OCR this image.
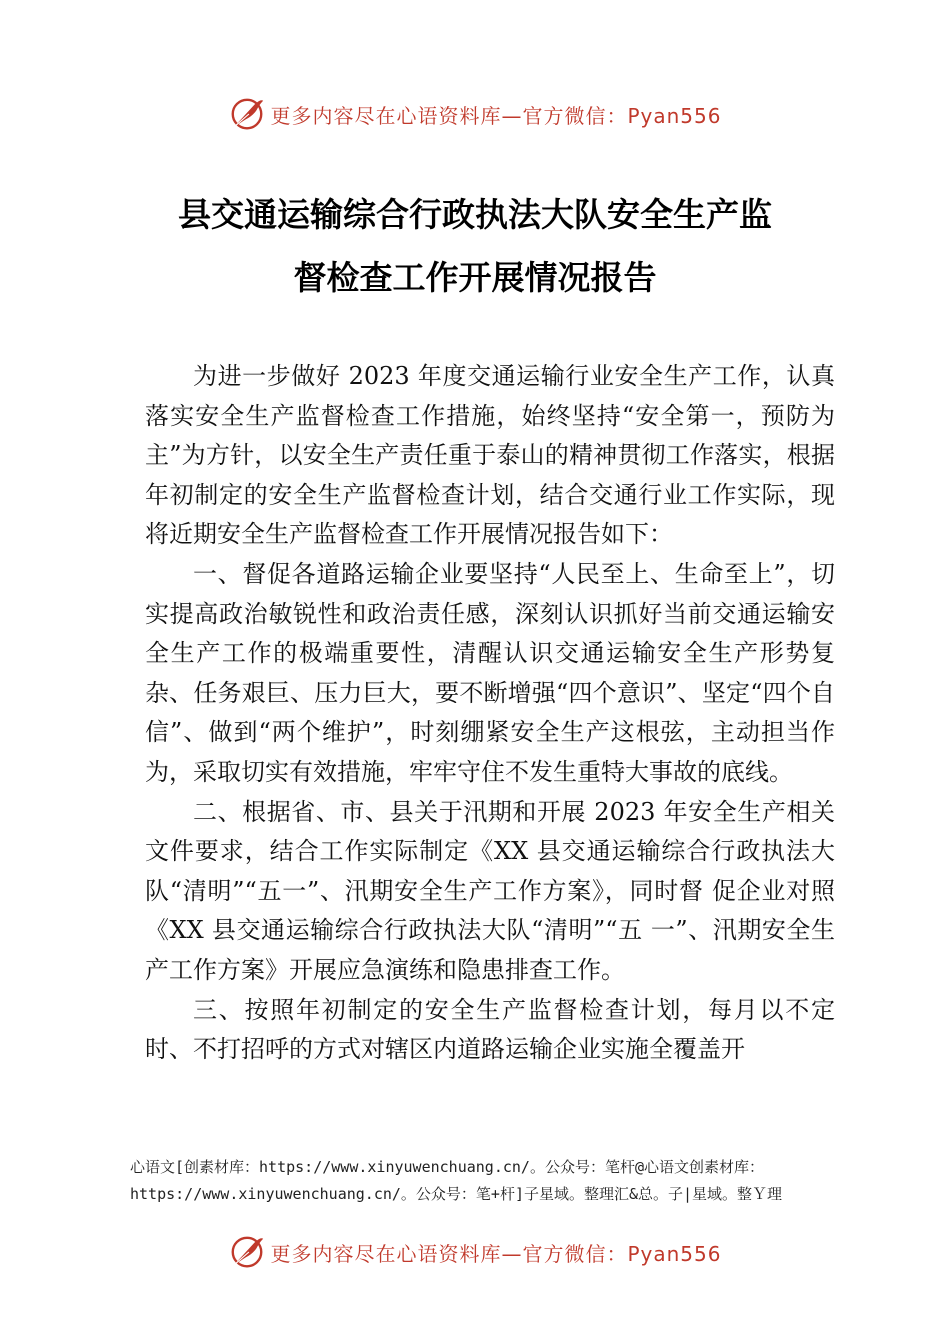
更多内容尽在心语资料库—官方微信：Pyan556
县交通运输综合行政执法大队安全生产监
督检查工作开展情况报告

为进一步做好 2023 年度交通运输行业安全生产工作，认真落实安全生产监督检查工作措施，始终坚持“安全第一，预防为主”为方针，以安全生产责任重于泰山的精神贯彻工作落实，根据年初制定的安全生产监督检查计划，结合交通行业工作实际，现将近期安全生产监督检查工作开展情况报告如下：

一、督促各道路运输企业要坚持“人民至上、生命至上”，切实提高政治敏锐性和政治责任感，深刻认识抓好当前交通运输安全生产工作的极端重要性，清醒认识交通运输安全生产形势复杂、任务艰巨、压力巨大，要不断增强“四个意识”、坚定“四个自信”、做到“两个维护”，时刻绷紧安全生产这根弦，主动担当作为，采取切实有效措施，牢牢守住不发生重特大事故的底线。

二、根据省、市、县关于汛期和开展 2023 年安全生产相关文件要求，结合工作实际制定《XX 县交通运输综合行政执法大队“清明”“五一”、汛期安全生产工作方案》，同时督 促企业对照《XX 县交通运输综合行政执法大队“清明”“五 一”、汛期安全生产工作方案》开展应急演练和隐患排查工作。

三、按照年初制定的安全生产监督检查计划，每月以不定时、不打招呼的方式对辖区内道路运输企业实施全覆盖开

心语文[创素材库：https://www.xinyuwenchuang.cn/。公众号：笔杆@心语文创素材库：
https://www.xinyuwenchuang.cn/。公众号：笔+杆]子星域。整理汇&总。子|星域。整Ｙ理
更多内容尽在心语资料库—官方微信：Pyan556
